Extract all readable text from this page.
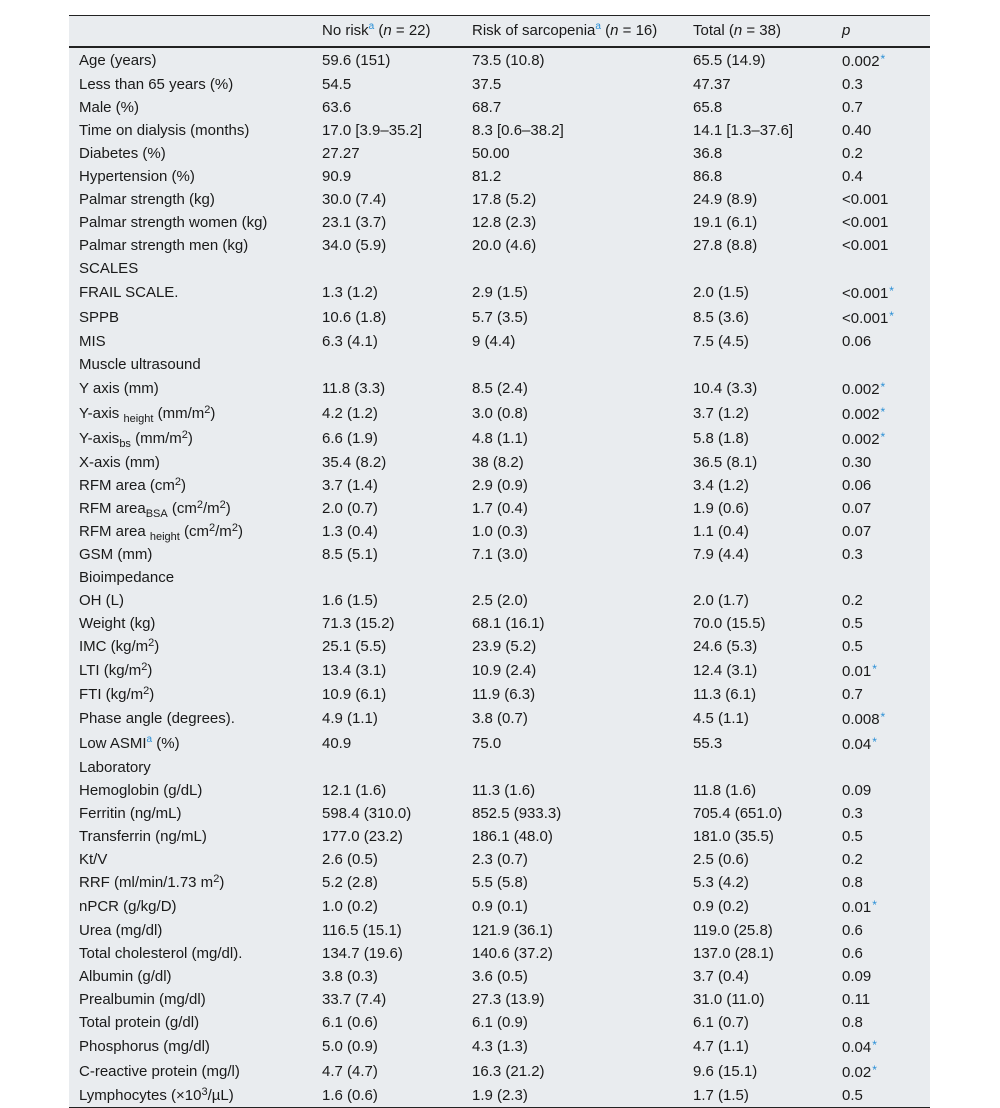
	No risk$^a$ (n = 22)	Risk of sarcopenia$^a$ (n = 16)	Total (n = 38)	p
Age (years)	59.6 (151)	73.5 (10.8)	65.5 (14.9)	0.002*
Less than 65 years (%)	54.5	37.5	47.37	0.3
Male (%)	63.6	68.7	65.8	0.7
Time on dialysis (months)	17.0 [3.9–35.2]	8.3 [0.6–38.2]	14.1 [1.3–37.6]	0.40
Diabetes (%)	27.27	50.00	36.8	0.2
Hypertension (%)	90.9	81.2	86.8	0.4
Palmar strength (kg)	30.0 (7.4)	17.8 (5.2)	24.9 (8.9)	<0.001
Palmar strength women (kg)	23.1 (3.7)	12.8 (2.3)	19.1 (6.1)	<0.001
Palmar strength men (kg)	34.0 (5.9)	20.0 (4.6)	27.8 (8.8)	<0.001
SCALES				
FRAIL SCALE.	1.3 (1.2)	2.9 (1.5)	2.0 (1.5)	<0.001*
SPPB	10.6 (1.8)	5.7 (3.5)	8.5 (3.6)	<0.001*
MIS	6.3 (4.1)	9 (4.4)	7.5 (4.5)	0.06
Muscle ultrasound				
Y axis (mm)	11.8 (3.3)	8.5 (2.4)	10.4 (3.3)	0.002*
Y-axis $_{height}$ $(mm/m^2)$	4.2 (1.2)	3.0 (0.8)	3.7 (1.2)	0.002*
Y-axis$_{bs}$ $(mm/m^2)$	6.6 (1.9)	4.8 (1.1)	5.8 (1.8)	0.002*
X-axis (mm)	35.4 (8.2)	38 (8.2)	36.5 (8.1)	0.30
RFM area $(cm^2)$	3.7 (1.4)	2.9 (0.9)	3.4 (1.2)	0.06
RFM area$_{BSA}$ $(cm^2/m^2)$	2.0 (0.7)	1.7 (0.4)	1.9 (0.6)	0.07
RFM area $_{height}$ $(cm^2/m^2)$	1.3 (0.4)	1.0 (0.3)	1.1 (0.4)	0.07
GSM (mm)	8.5 (5.1)	7.1 (3.0)	7.9 (4.4)	0.3
Bioimpedance				
OH (L)	1.6 (1.5)	2.5 (2.0)	2.0 (1.7)	0.2
Weight (kg)	71.3 (15.2)	68.1 (16.1)	70.0 (15.5)	0.5
IMC $(kg/m^2)$	25.1 (5.5)	23.9 (5.2)	24.6 (5.3)	0.5
LTI $(kg/m^2)$	13.4 (3.1)	10.9 (2.4)	12.4 (3.1)	0.01*
FTI $(kg/m^2)$	10.9 (6.1)	11.9 (6.3)	11.3 (6.1)	0.7
Phase angle (degrees).	4.9 (1.1)	3.8 (0.7)	4.5 (1.1)	0.008*
Low ASMI$^a$ (%)	40.9	75.0	55.3	0.04*
Laboratory				
Hemoglobin (g/dL)	12.1 (1.6)	11.3 (1.6)	11.8 (1.6)	0.09
Ferritin (ng/mL)	598.4 (310.0)	852.5 (933.3)	705.4 (651.0)	0.3
Transferrin (ng/mL)	177.0 (23.2)	186.1 (48.0)	181.0 (35.5)	0.5
Kt/V	2.6 (0.5)	2.3 (0.7)	2.5 (0.6)	0.2
RRF (ml/min/1.73 $m^2$)	5.2 (2.8)	5.5 (5.8)	5.3 (4.2)	0.8
nPCR (g/kg/D)	1.0 (0.2)	0.9 (0.1)	0.9 (0.2)	0.01*
Urea (mg/dl)	116.5 (15.1)	121.9 (36.1)	119.0 (25.8)	0.6
Total cholesterol (mg/dl).	134.7 (19.6)	140.6 (37.2)	137.0 (28.1)	0.6
Albumin (g/dl)	3.8 (0.3)	3.6 (0.5)	3.7 (0.4)	0.09
Prealbumin (mg/dl)	33.7 (7.4)	27.3 (13.9)	31.0 (11.0)	0.11
Total protein (g/dl)	6.1 (0.6)	6.1 (0.9)	6.1 (0.7)	0.8
Phosphorus (mg/dl)	5.0 (0.9)	4.3 (1.3)	4.7 (1.1)	0.04*
C-reactive protein (mg/l)	4.7 (4.7)	16.3 (21.2)	9.6 (15.1)	0.02*
Lymphocytes $(\times 10^3/\mu L)$	1.6 (0.6)	1.9 (2.3)	1.7 (1.5)	0.5
